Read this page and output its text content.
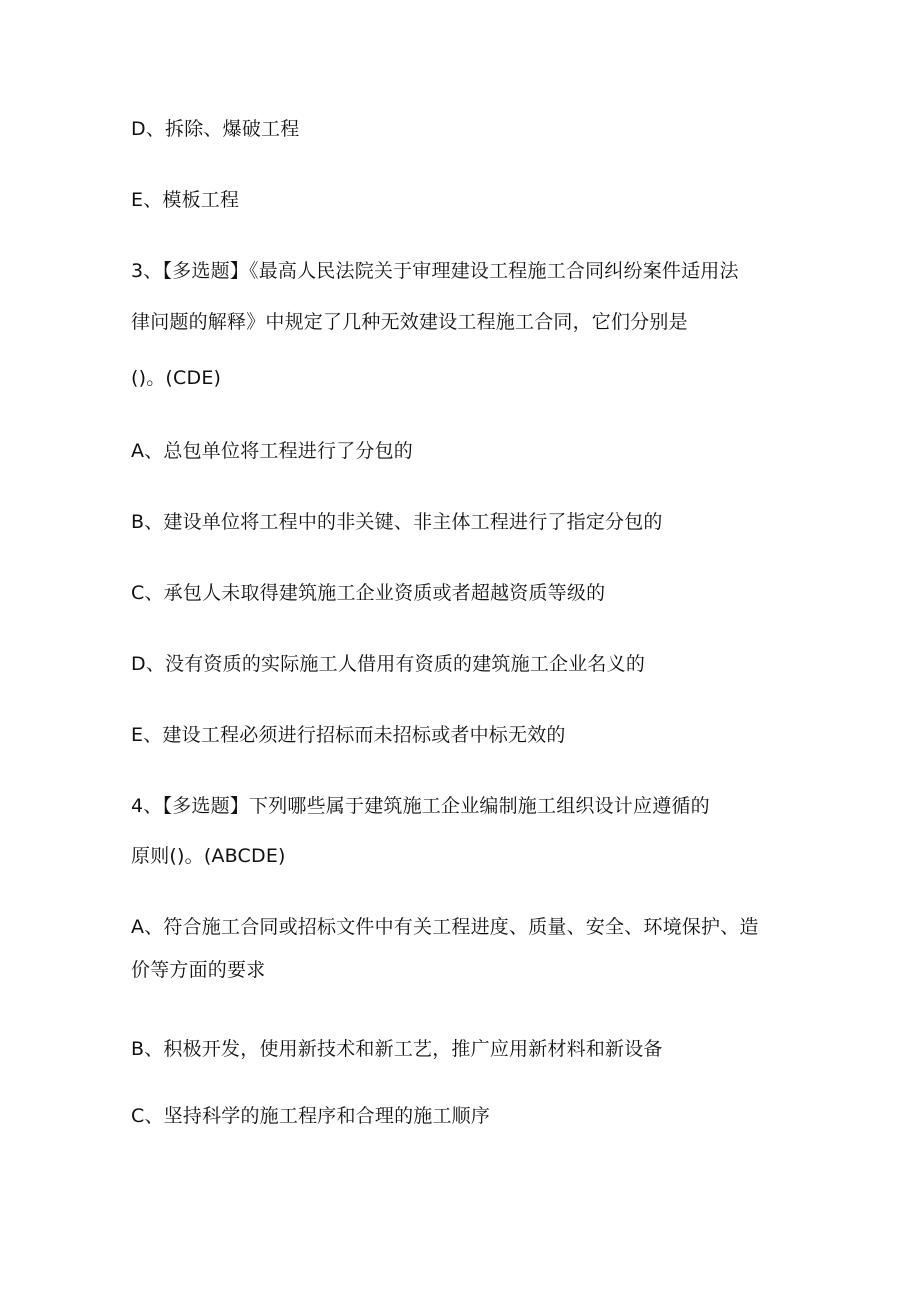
D、拆除、爆破工程
E、模板工程
3、【多选题】《最高人民法院关于审理建设工程施工合同纠纷案件适用法
律问题的解释》中规定了几种无效建设工程施工合同，它们分别是
()。(CDE)
A、总包单位将工程进行了分包的
B、建设单位将工程中的非关键、非主体工程进行了指定分包的
C、承包人未取得建筑施工企业资质或者超越资质等级的
D、没有资质的实际施工人借用有资质的建筑施工企业名义的
E、建设工程必须进行招标而未招标或者中标无效的
4、【多选题】下列哪些属于建筑施工企业编制施工组织设计应遵循的
原则()。(ABCDE)
A、符合施工合同或招标文件中有关工程进度、质量、安全、环境保护、造
价等方面的要求
B、积极开发，使用新技术和新工艺，推广应用新材料和新设备
C、坚持科学的施工程序和合理的施工顺序
